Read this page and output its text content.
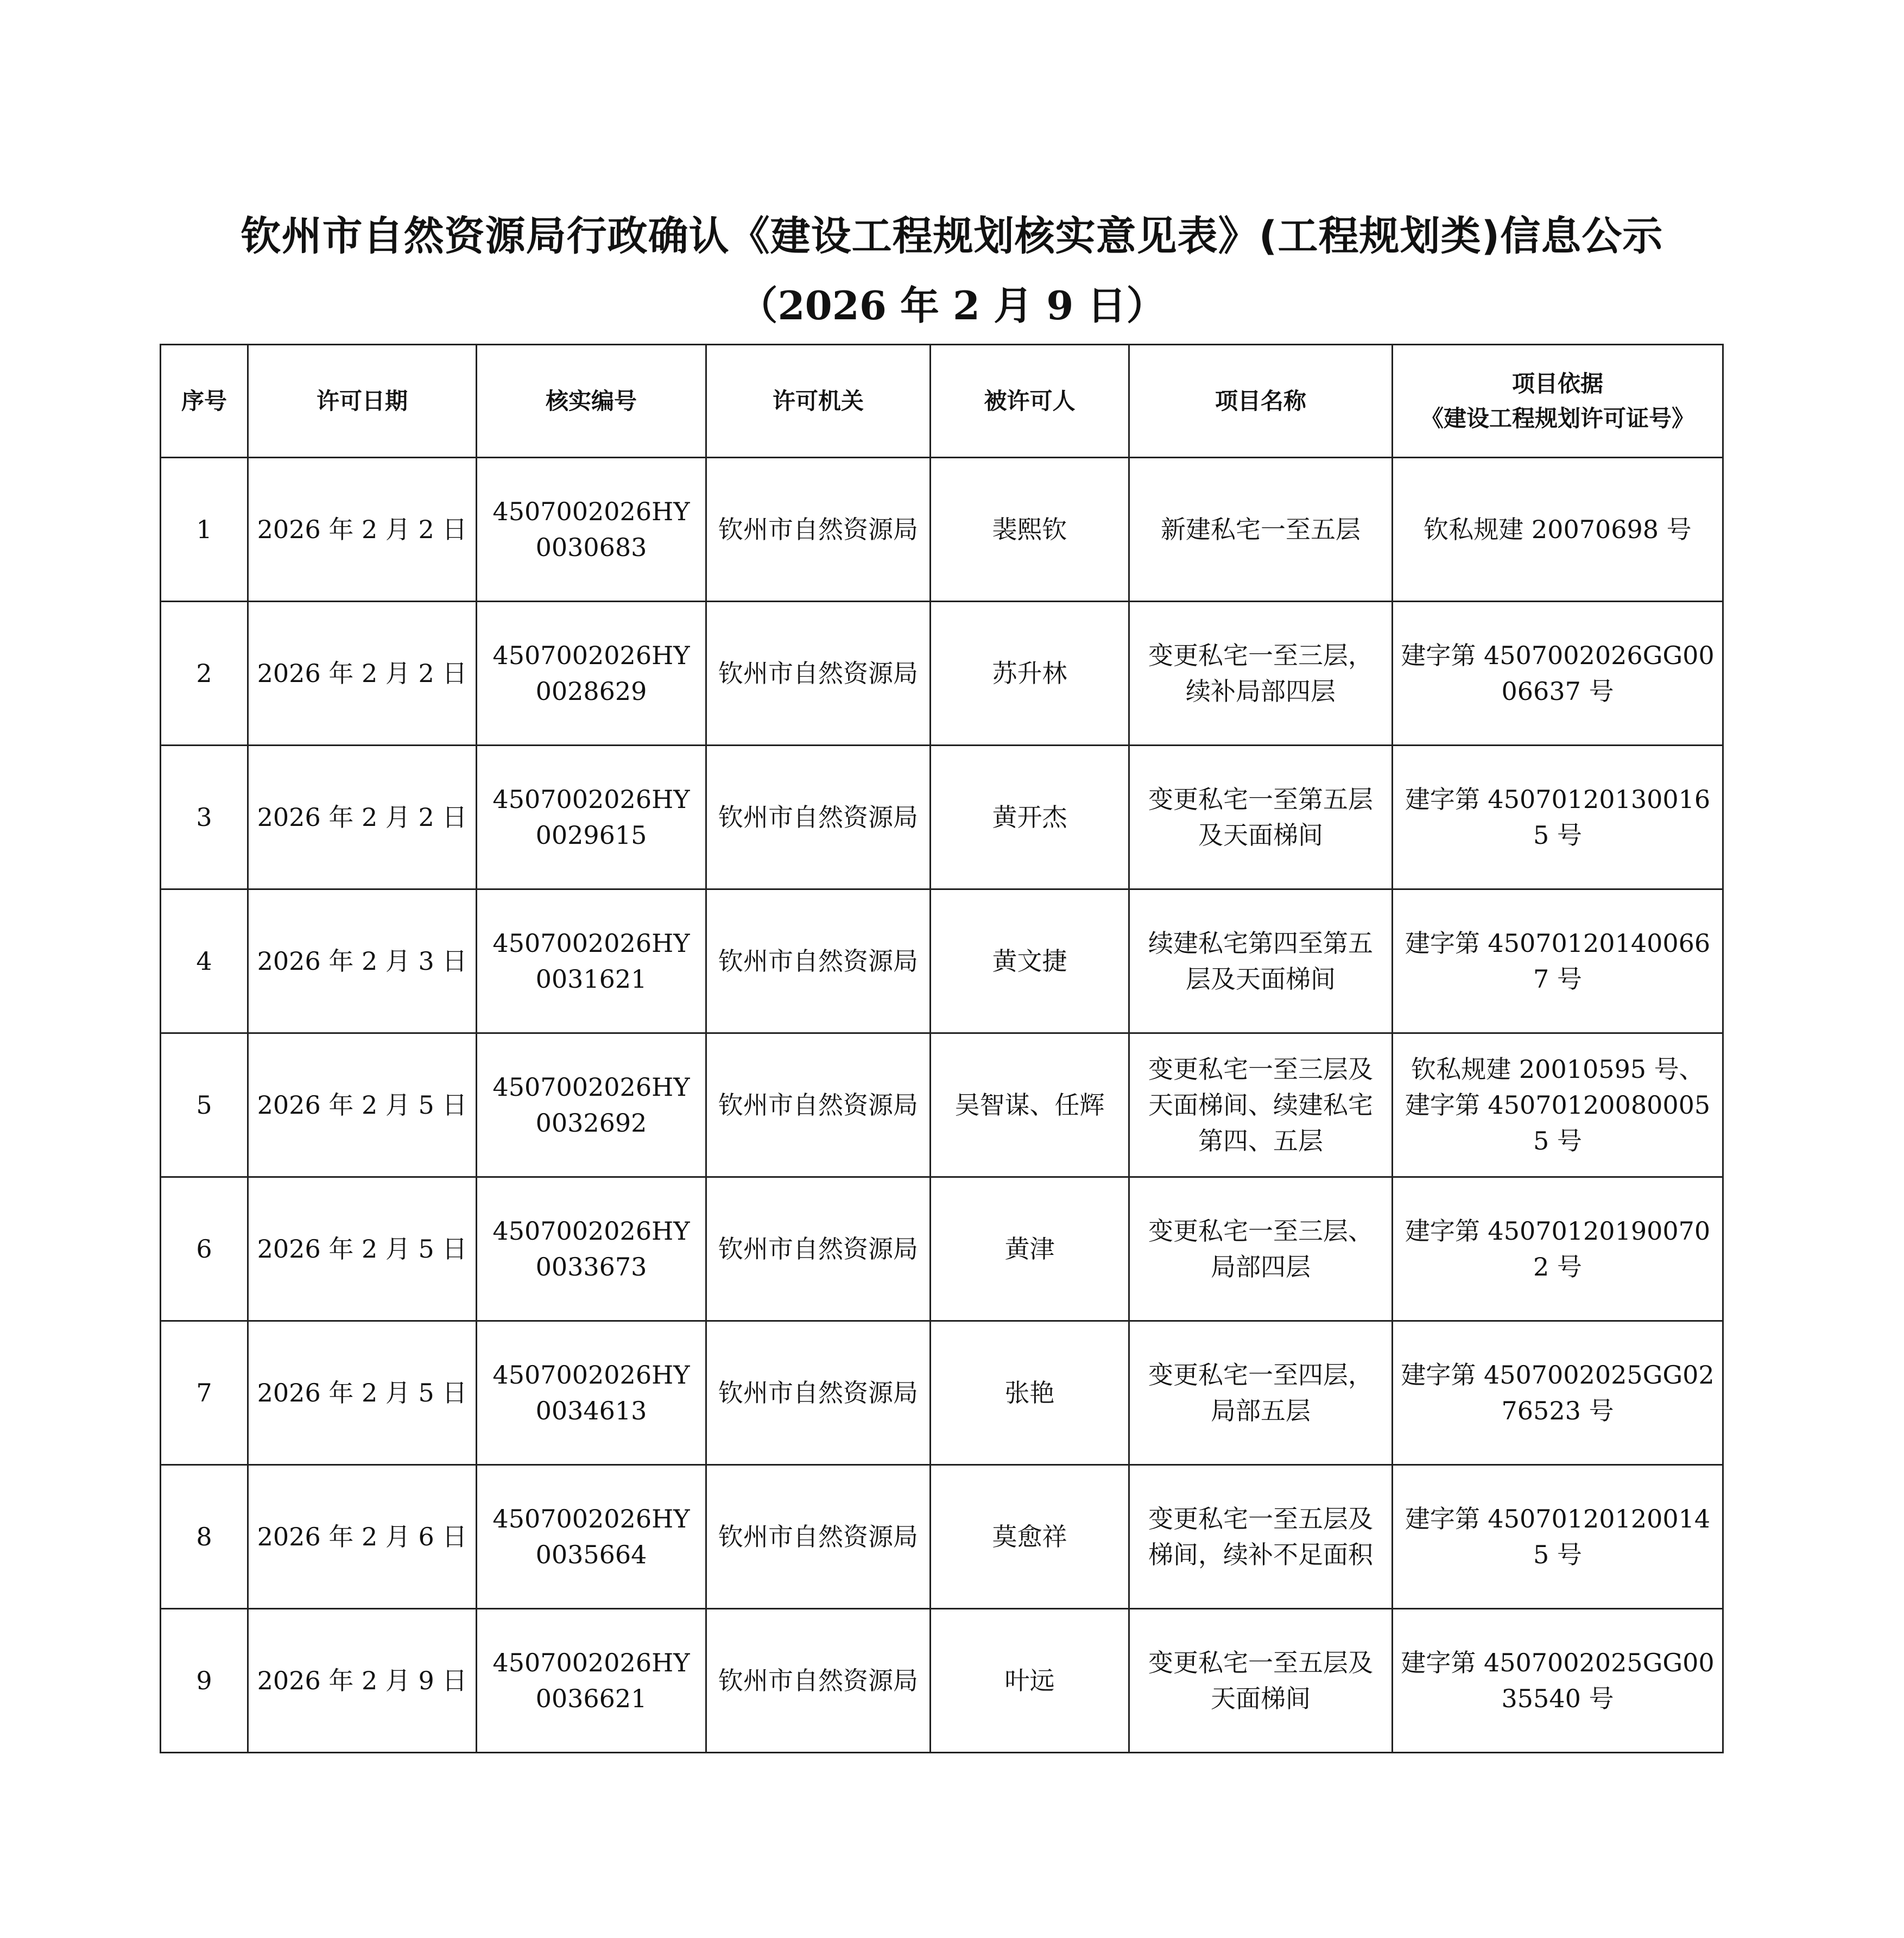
钦州市自然资源局行政确认《建设工程规划核实意见表》(工程规划类)信息公示
（2026 年 2 月 9 日）
序号	许可日期	核实编号	许可机关	被许可人	项目名称	项目依据
《建设工程规划许可证号》

1	2026 年 2 月 2 日	4507002026HY0030683	钦州市自然资源局	裴熙钦	新建私宅一至五层	钦私规建 20070698 号
2	2026 年 2 月 2 日	4507002026HY0028629	钦州市自然资源局	苏升林	变更私宅一至三层，续补局部四层	建字第 4507002026GG0006637 号
3	2026 年 2 月 2 日	4507002026HY0029615	钦州市自然资源局	黄开杰	变更私宅一至第五层及天面梯间	建字第 450701201300165 号
4	2026 年 2 月 3 日	4507002026HY0031621	钦州市自然资源局	黄文捷	续建私宅第四至第五层及天面梯间	建字第 450701201400667 号
5	2026 年 2 月 5 日	4507002026HY0032692	钦州市自然资源局	吴智谋、任辉	变更私宅一至三层及天面梯间、续建私宅第四、五层	钦私规建 20010595 号、建字第 450701200800055 号
6	2026 年 2 月 5 日	4507002026HY0033673	钦州市自然资源局	黄津	变更私宅一至三层、局部四层	建字第 450701201900702 号
7	2026 年 2 月 5 日	4507002026HY0034613	钦州市自然资源局	张艳	变更私宅一至四层，局部五层	建字第 4507002025GG0276523 号
8	2026 年 2 月 6 日	4507002026HY0035664	钦州市自然资源局	莫愈祥	变更私宅一至五层及梯间，续补不足面积	建字第 450701201200145 号
9	2026 年 2 月 9 日	4507002026HY0036621	钦州市自然资源局	叶远	变更私宅一至五层及天面梯间	建字第 4507002025GG0035540 号
